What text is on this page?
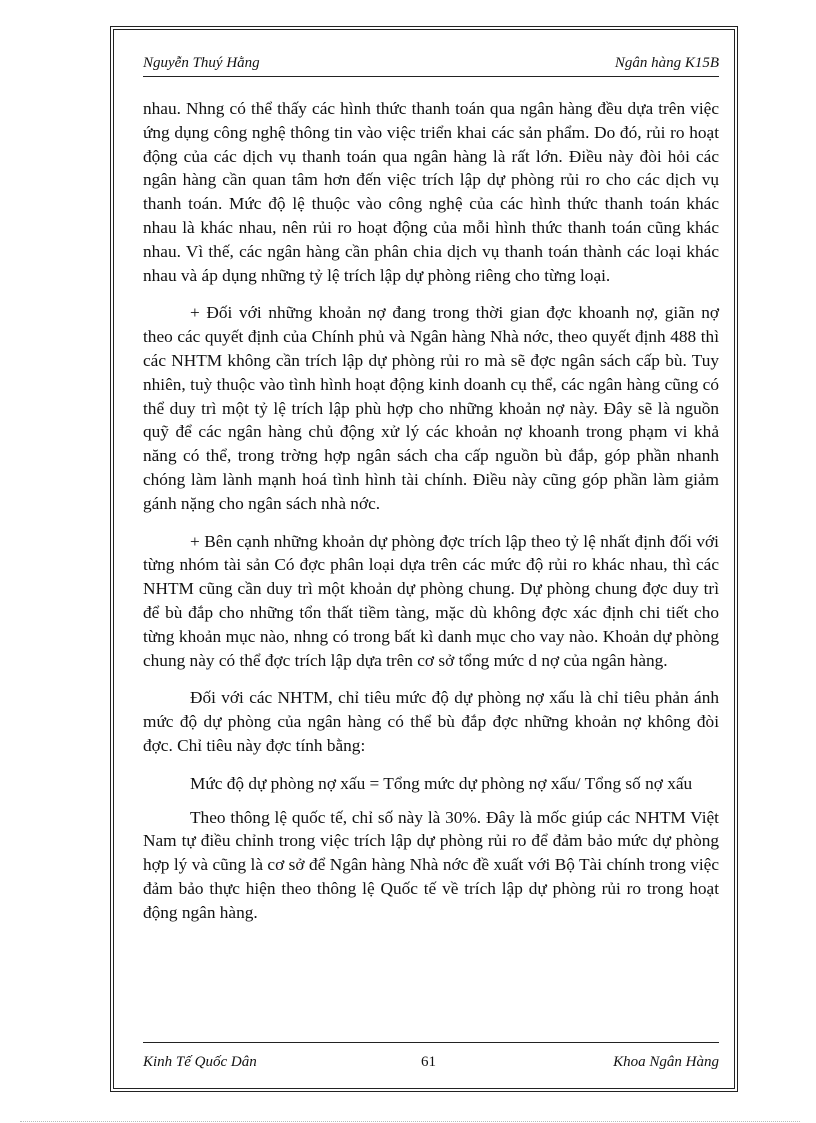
Nguyễn Thuý Hằng	Ngân hàng K15B

nhau. Nhng có thể thấy các hình thức thanh toán qua ngân hàng đều dựa trên việc ứng dụng công nghệ thông tin vào việc triển khai các sản phẩm. Do đó, rủi ro hoạt động của các dịch vụ thanh toán qua ngân hàng là rất lớn. Điều này đòi hỏi các ngân hàng cần quan tâm hơn đến việc trích lập dự phòng rủi ro cho các dịch vụ thanh toán. Mức độ lệ thuộc vào công nghệ của các hình thức thanh toán khác nhau là khác nhau, nên rủi ro hoạt động của mỗi hình thức thanh toán cũng khác nhau. Vì thế, các ngân hàng cần phân chia dịch vụ thanh toán thành các loại khác nhau và áp dụng những tỷ lệ trích lập dự phòng riêng cho từng loại.

+ Đối với những khoản nợ đang trong thời gian đợc khoanh nợ, giãn nợ theo các quyết định của Chính phủ và Ngân hàng Nhà nớc, theo quyết định 488 thì các NHTM không cần trích lập dự phòng rủi ro mà sẽ đợc ngân sách cấp bù. Tuy nhiên, tuỳ thuộc vào tình hình hoạt động kinh doanh cụ thể, các ngân hàng cũng có thể duy trì một tỷ lệ trích lập phù hợp cho những khoản nợ này. Đây sẽ là nguồn quỹ để các ngân hàng chủ động xử lý các khoản nợ khoanh trong phạm vi khả năng có thể, trong trờng hợp ngân sách cha cấp nguồn bù đắp, góp phần nhanh chóng làm lành mạnh hoá tình hình tài chính. Điều này cũng góp phần làm giảm gánh nặng cho ngân sách nhà nớc.

+ Bên cạnh những khoản dự phòng đợc trích lập theo tỷ lệ nhất định đối với từng nhóm tài sản Có đợc phân loại dựa trên các mức độ rủi ro khác nhau, thì các NHTM cũng cần duy trì một khoản dự phòng chung. Dự phòng chung đợc duy trì để bù đắp cho những tổn thất tiềm tàng, mặc dù không đợc xác định chi tiết cho từng khoản mục nào, nhng có trong bất kì danh mục cho vay nào. Khoản dự phòng chung này có thể đợc trích lập dựa trên cơ sở tổng mức d nợ của ngân hàng.

Đối với các NHTM, chỉ tiêu mức độ dự phòng nợ xấu là chỉ tiêu phản ánh mức độ dự phòng của ngân hàng có thể bù đắp đợc những khoản nợ không đòi đợc. Chỉ tiêu này đợc tính bằng:

Mức độ dự phòng nợ xấu = Tổng mức dự phòng nợ xấu/ Tổng số nợ xấu

Theo thông lệ quốc tế, chỉ số này là 30%. Đây là mốc giúp các NHTM Việt Nam tự điều chỉnh trong việc trích lập dự phòng rủi ro để đảm bảo mức dự phòng hợp lý và cũng là cơ sở để Ngân hàng Nhà nớc đề xuất với Bộ Tài chính trong việc đảm bảo thực hiện theo thông lệ Quốc tế về trích lập dự phòng rủi ro trong hoạt động ngân hàng.

Kinh Tế Quốc Dân	61	Khoa Ngân Hàng
